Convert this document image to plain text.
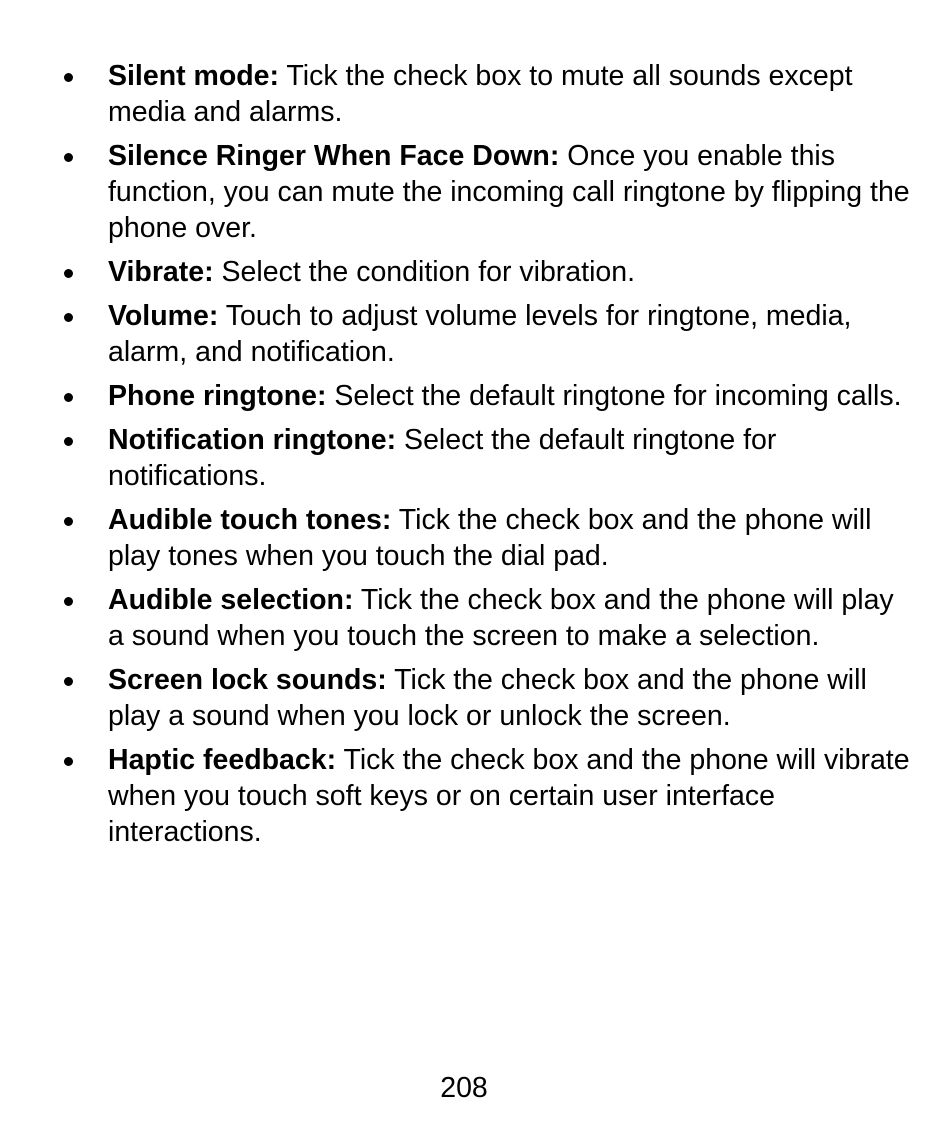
Silent mode: Tick the check box to mute all sounds except media and alarms.
Silence Ringer When Face Down: Once you enable this function, you can mute the incoming call ringtone by flipping the phone over.
Vibrate: Select the condition for vibration.
Volume: Touch to adjust volume levels for ringtone, media, alarm, and notification.
Phone ringtone: Select the default ringtone for incoming calls.
Notification ringtone: Select the default ringtone for notifications.
Audible touch tones: Tick the check box and the phone will play tones when you touch the dial pad.
Audible selection: Tick the check box and the phone will play a sound when you touch the screen to make a selection.
Screen lock sounds: Tick the check box and the phone will play a sound when you lock or unlock the screen.
Haptic feedback: Tick the check box and the phone will vibrate when you touch soft keys or on certain user interface interactions.
208
